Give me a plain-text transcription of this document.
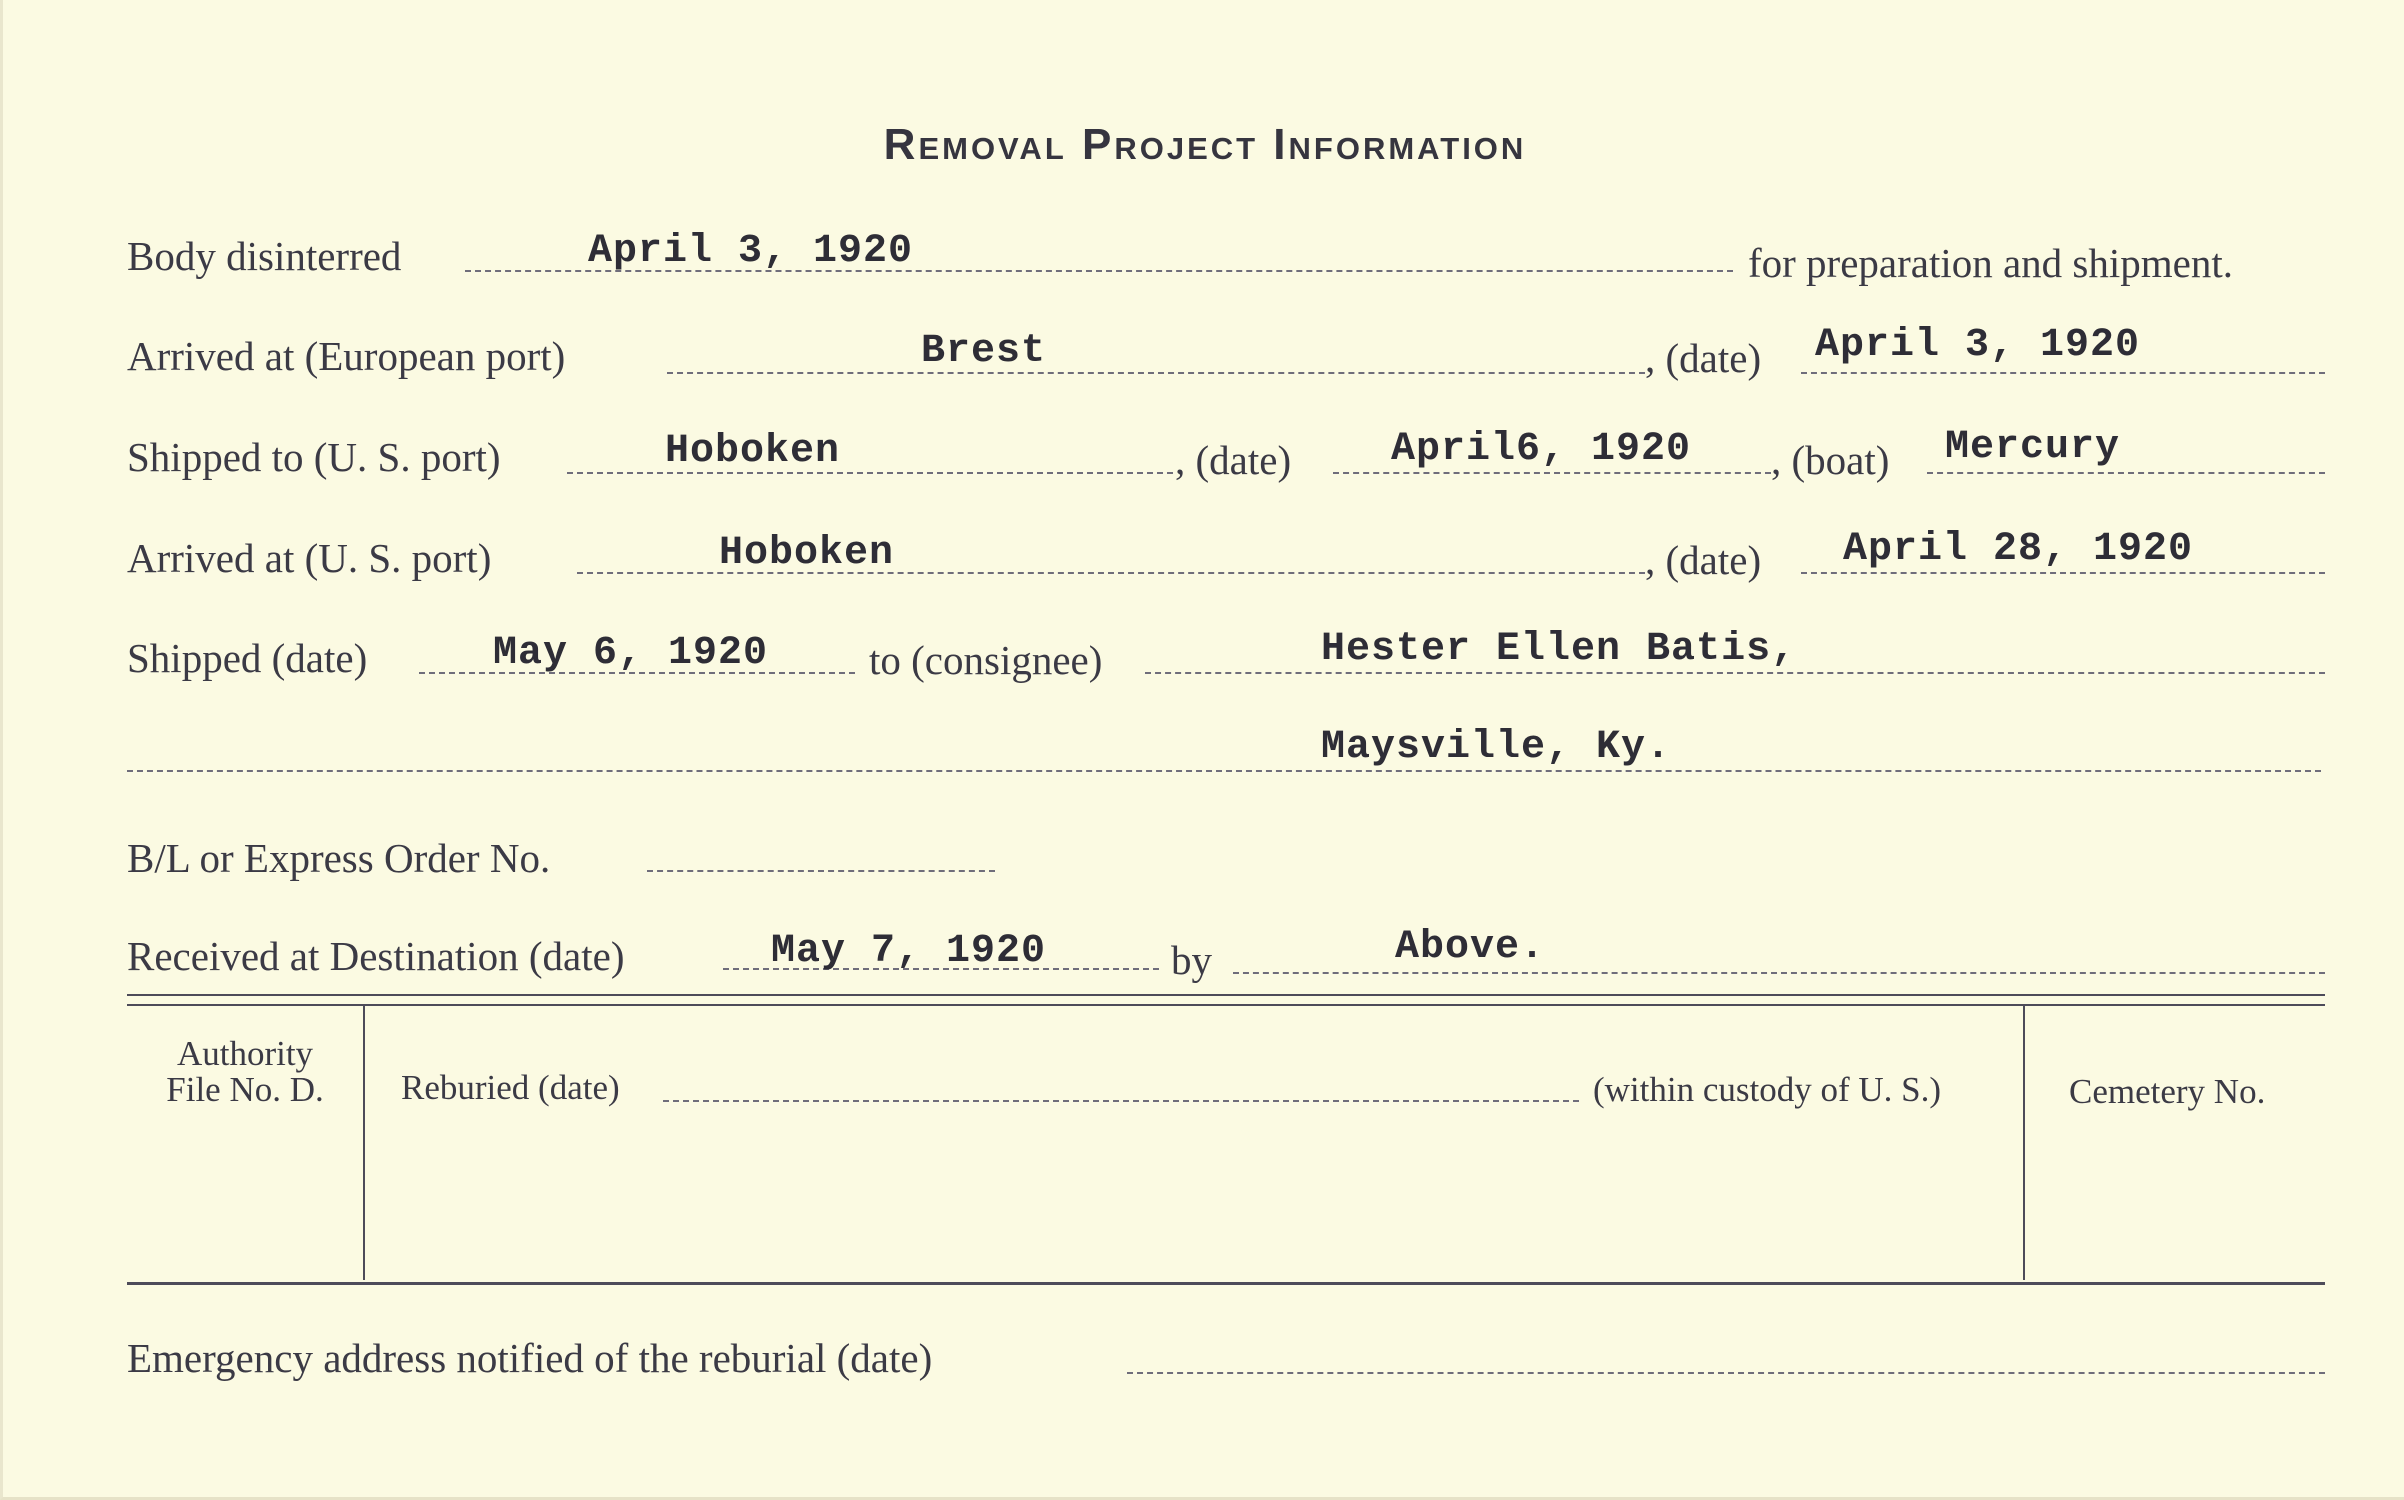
Removal Project Information
Body disinterred	April 3, 1920	for preparation and shipment.
Arrived at (European port)	Brest	, (date) April 3, 1920
Shipped to (U. S. port)	Hoboken	, (date) April6, 1920 , (boat) Mercury
Arrived at (U. S. port)	Hoboken	, (date) April 28, 1920
Shipped (date)	May 6, 1920 to (consignee)	Hester Ellen Batis,
Maysville, Ky.
B/L or Express Order No.
Received at Destination (date)	May 7, 1920	by	Above.
Authority
File No. D.	Reburied (date)	(within custody of U. S.)	Cemetery No.
Emergency address notified of the reburial (date)
